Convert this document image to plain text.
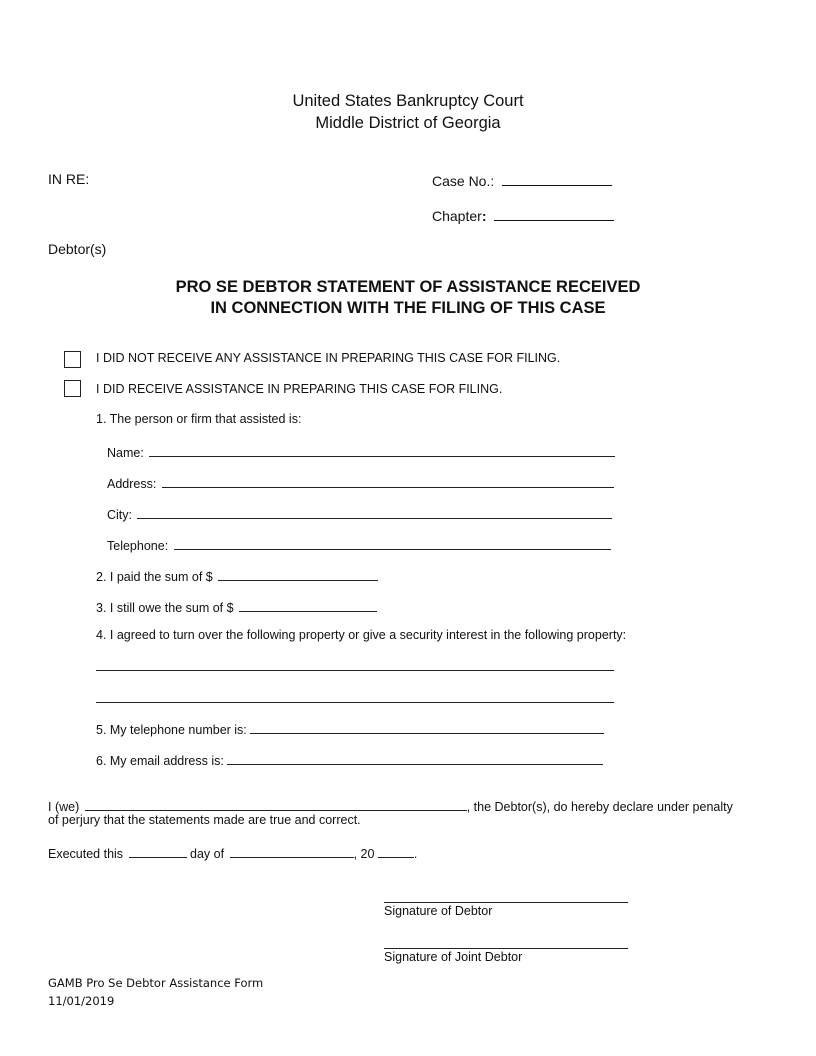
United States Bankruptcy Court
Middle District of Georgia
IN RE:	Case No.:
Chapter:
Debtor(s)
PRO SE DEBTOR STATEMENT OF ASSISTANCE RECEIVED
IN CONNECTION WITH THE FILING OF THIS CASE
I DID NOT RECEIVE ANY ASSISTANCE IN PREPARING THIS CASE FOR FILING.
I DID RECEIVE ASSISTANCE IN PREPARING THIS CASE FOR FILING.
1. The person or firm that assisted is:
Name:
Address:
City:
Telephone:
2. I paid the sum of $
3. I still owe the sum of $
4. I agreed to turn over the following property or give a security interest in the following property:
5. My telephone number is:
6. My email address is:
I (we)	, the Debtor(s), do hereby declare under penalty
of perjury that the statements made are true and correct.
Executed this	day of	, 20	.
Signature of Debtor
Signature of Joint Debtor
GAMB Pro Se Debtor Assistance Form
11/01/2019
